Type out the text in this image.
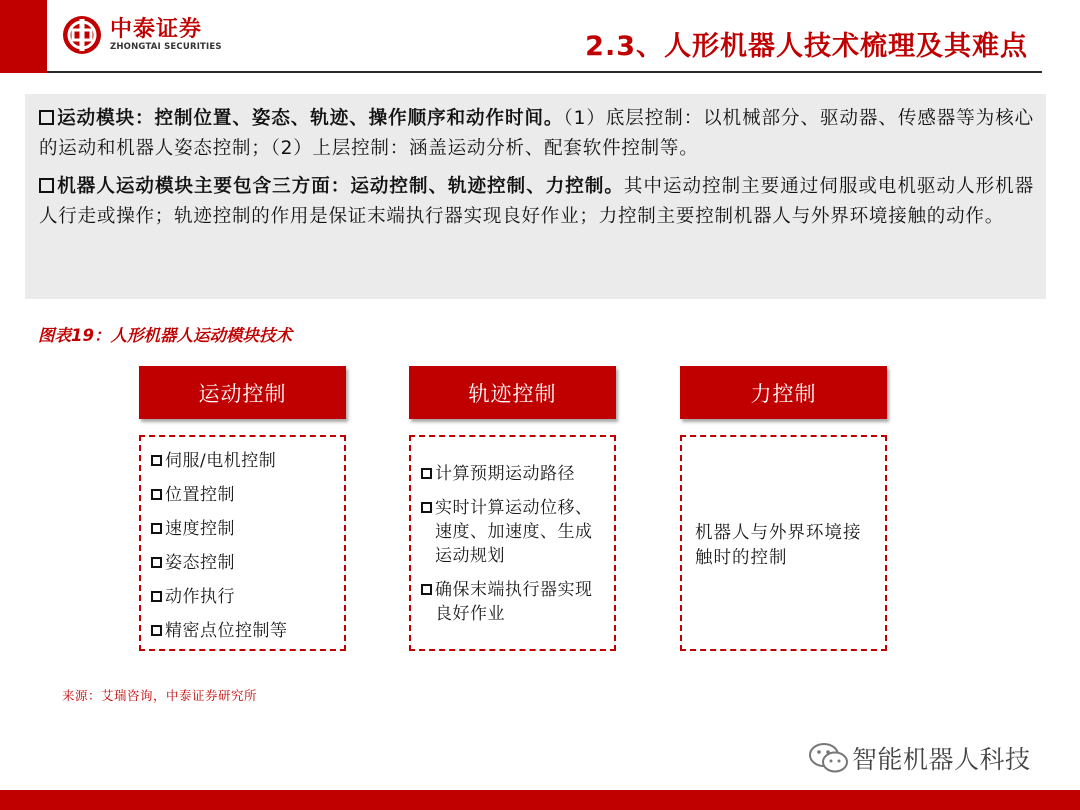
中泰证券
ZHONGTAI SECURITIES	2.3、人形机器人技术梳理及其难点

运动模块：控制位置、姿态、轨迹、操作顺序和动作时间。（1）底层控制：以机械部分、驱动器、传感器等为核心的运动和机器人姿态控制；（2）上层控制：涵盖运动分析、配套软件控制等。

机器人运动模块主要包含三方面：运动控制、轨迹控制、力控制。其中运动控制主要通过伺服或电机驱动人形机器人行走或操作；轨迹控制的作用是保证末端执行器实现良好作业；力控制主要控制机器人与外界环境接触的动作。

图表19：人形机器人运动模块技术
运动控制
伺服/电机控制
位置控制
速度控制
姿态控制
动作执行
精密点位控制等
轨迹控制
计算预期运动路径
实时计算运动位移、速度、加速度、生成运动规划
确保末端执行器实现良好作业
力控制
机器人与外界环境接触时的控制
来源：艾瑞咨询，中泰证券研究所
智能机器人科技
